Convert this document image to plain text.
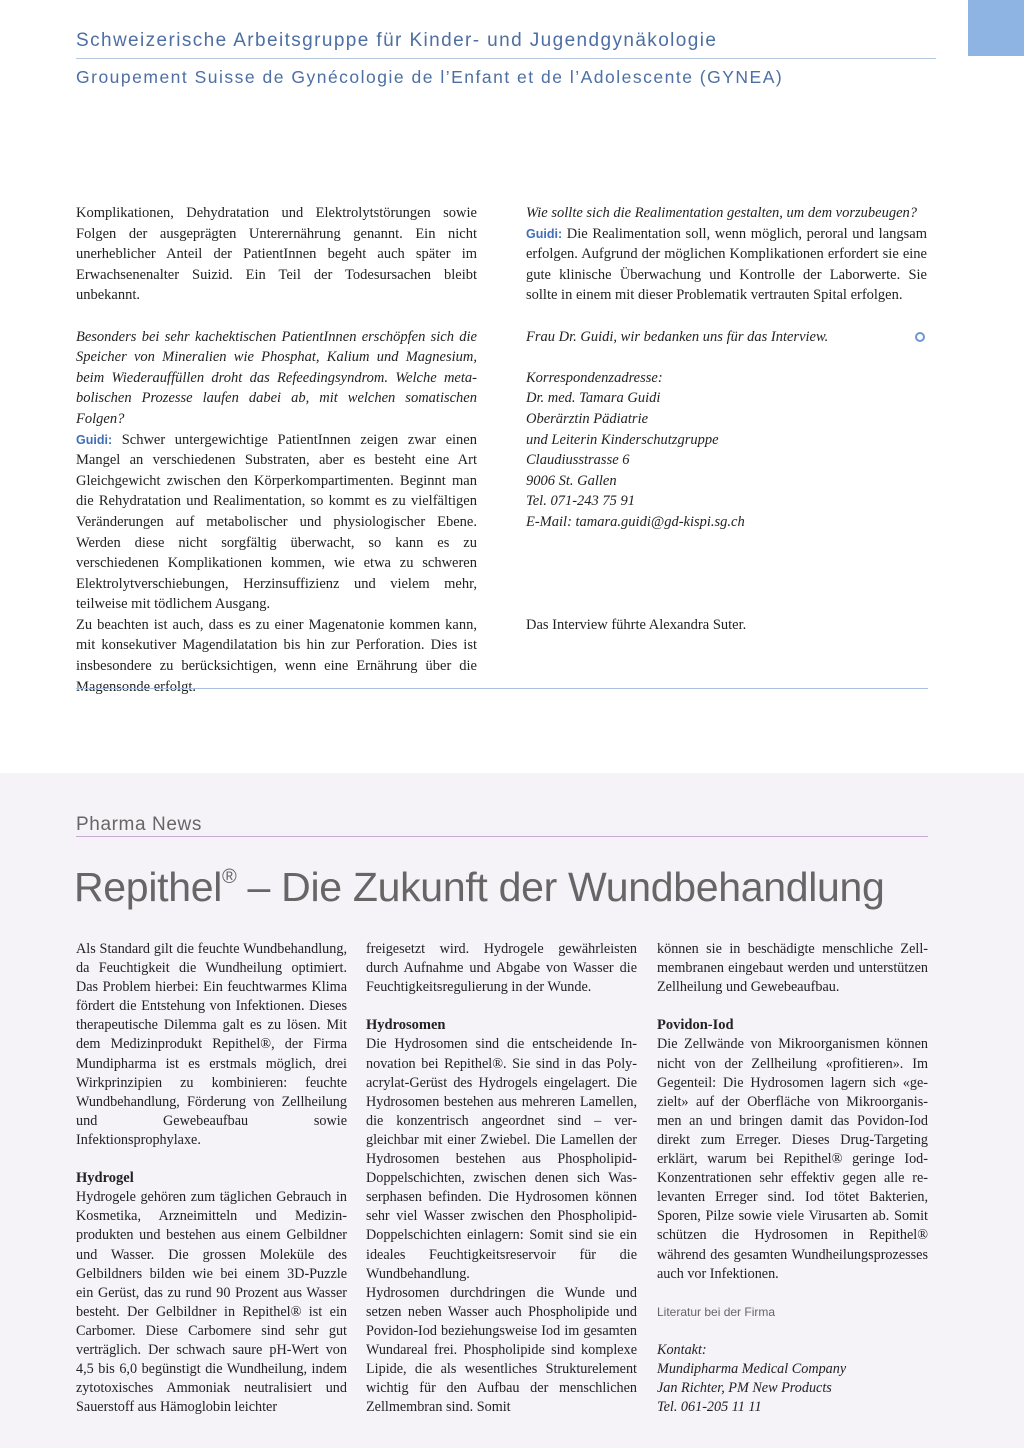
Schweizerische Arbeitsgruppe für Kinder- und Jugendgynäkologie

Groupement Suisse de Gynécologie de l’Enfant et de l’Adolescente (GYNEA)

Komplikationen, Dehydratation und Elektrolytstörungen sowie Folgen der ausgeprägten Unterernährung genannt. Ein nicht unerheblicher Anteil der PatientInnen begeht auch später im Erwachsenenalter Suizid. Ein Teil der Todesursachen bleibt unbekannt.

Besonders bei sehr kachektischen PatientInnen erschöpfen sich die Speicher von Mineralien wie Phosphat, Kalium und Magnesium, beim Wiederauffüllen droht das Refeedingsyndrom. Welche metabolischen Prozesse laufen dabei ab, mit welchen somatischen Folgen?

Guidi: Schwer untergewichtige PatientInnen zeigen zwar einen Mangel an verschiedenen Substraten, aber es besteht eine Art Gleichgewicht zwischen den Körperkompartimenten. Beginnt man die Rehydratation und Realimentation, so kommt es zu vielfältigen Veränderungen auf metabolischer und physiologischer Ebene. Werden diese nicht sorgfältig überwacht, so kann es zu verschiedenen Komplikationen kommen, wie etwa zu schweren Elektrolytverschiebungen, Herzinsuffizienz und vielem mehr, teilweise mit tödlichem Ausgang.

Zu beachten ist auch, dass es zu einer Magenatonie kommen kann, mit konsekutiver Magendilatation bis hin zur Perforation. Dies ist insbesondere zu berücksichtigen, wenn eine Ernährung über die Magensonde erfolgt.

Wie sollte sich die Realimentation gestalten, um dem vorzubeugen?

Guidi: Die Realimentation soll, wenn möglich, peroral und langsam erfolgen. Aufgrund der möglichen Komplikationen erfordert sie eine gute klinische Überwachung und Kontrolle der Laborwerte. Sie sollte in einem mit dieser Problematik vertrauten Spital erfolgen.

Frau Dr. Guidi, wir bedanken uns für das Interview.

Korrespondenzadresse:

Dr. med. Tamara Guidi

Oberärztin Pädiatrie

und Leiterin Kinderschutzgruppe

Claudiusstrasse 6

9006 St. Gallen

Tel. 071-243 75 91

E-Mail: tamara.guidi@gd-kispi.sg.ch

Das Interview führte Alexandra Suter.

Pharma News
Repithel® – Die Zukunft der Wundbehandlung

Als Standard gilt die feuchte Wundbehandlung, da Feuchtigkeit die Wundheilung optimiert. Das Problem hierbei: Ein feuchtwarmes Klima fördert die Entstehung von Infektionen. Dieses therapeutische Dilemma galt es zu lösen. Mit dem Medizinprodukt Repithel®, der Firma Mundipharma ist es erstmals möglich, drei Wirkprinzipien zu kombinieren: feuchte Wundbehandlung, Förderung von Zellheilung und Gewebeaufbau sowie Infektionsprophylaxe.

Hydrogel

Hydrogele gehören zum täglichen Gebrauch in Kosmetika, Arzneimitteln und Medizinprodukten und bestehen aus einem Gelbildner und Wasser. Die grossen Moleküle des Gelbildners bilden wie bei einem 3D-Puzzle ein Gerüst, das zu rund 90 Prozent aus Wasser besteht. Der Gelbildner in Repithel® ist ein Carbomer. Diese Carbomere sind sehr gut verträglich. Der schwach saure pH-Wert von 4,5 bis 6,0 begünstigt die Wundheilung, indem zytotoxisches Ammoniak neutralisiert und Sauerstoff aus Hämoglobin leichter

freigesetzt wird. Hydrogele gewährleisten durch Aufnahme und Abgabe von Wasser die Feuchtigkeitsregulierung in der Wunde.

Hydrosomen

Die Hydrosomen sind die entscheidende Innovation bei Repithel®. Sie sind in das Polyacrylat-Gerüst des Hydrogels eingelagert. Die Hydrosomen bestehen aus mehreren Lamellen, die konzentrisch angeordnet sind – vergleichbar mit einer Zwiebel. Die Lamellen der Hydrosomen bestehen aus Phospholipid-Doppelschichten, zwischen denen sich Wasserphasen befinden. Die Hydrosomen können sehr viel Wasser zwischen den Phospholipid-Doppelschichten einlagern: Somit sind sie ein ideales Feuchtigkeitsreservoir für die Wundbehandlung.

Hydrosomen durchdringen die Wunde und setzen neben Wasser auch Phospholipide und Povidon-Iod beziehungsweise Iod im gesamten Wundareal frei. Phospholipide sind komplexe Lipide, die als wesentliches Strukturelement wichtig für den Aufbau der menschlichen Zellmembran sind. Somit

können sie in beschädigte menschliche Zellmembranen eingebaut werden und unterstützen Zellheilung und Gewebeaufbau.

Povidon-Iod

Die Zellwände von Mikroorganismen können nicht von der Zellheilung «profitieren». Im Gegenteil: Die Hydrosomen lagern sich «gezielt» auf der Oberfläche von Mikroorganismen an und bringen damit das Povidon-Iod direkt zum Erreger. Dieses Drug-Targeting erklärt, warum bei Repithel® geringe Iod-Konzentrationen sehr effektiv gegen alle relevanten Erreger sind. Iod tötet Bakterien, Sporen, Pilze sowie viele Virusarten ab. Somit schützen die Hydrosomen in Repithel® während des gesamten Wundheilungsprozesses auch vor Infektionen.

Literatur bei der Firma

Kontakt:

Mundipharma Medical Company

Jan Richter, PM New Products

Tel. 061-205 11 11
